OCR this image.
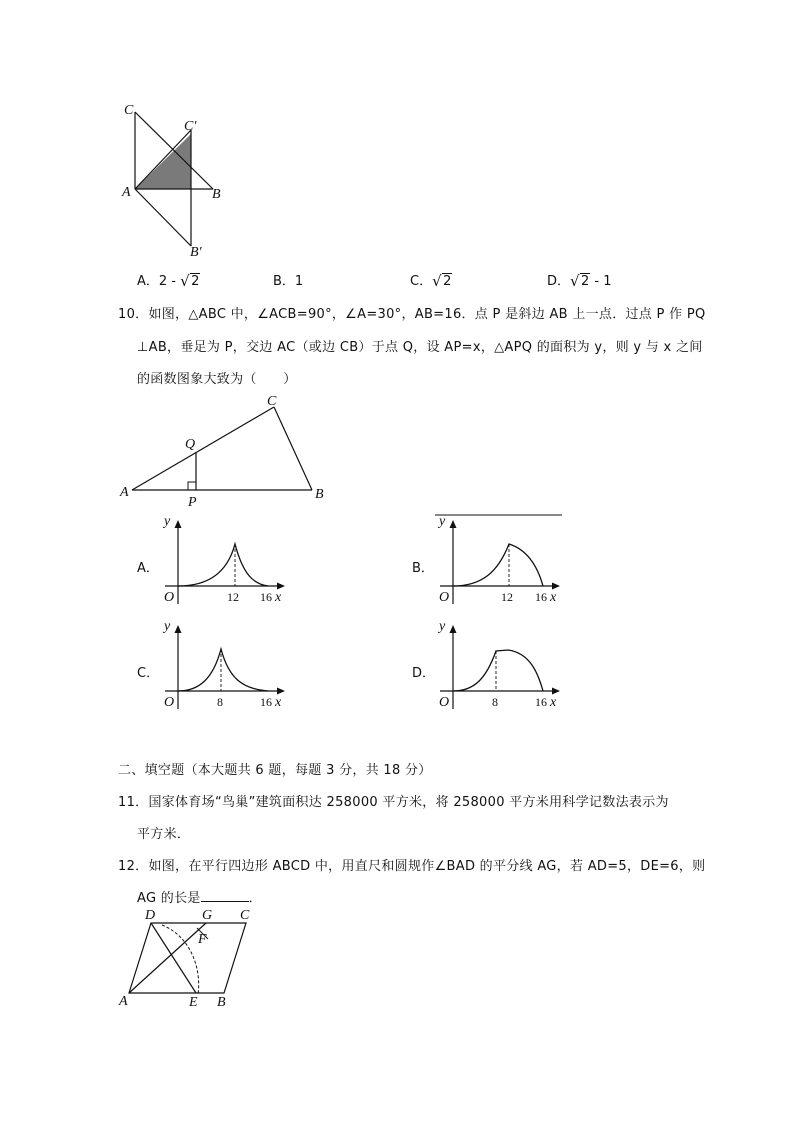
C
C′
A	B
B′
A．2 - √ 2	B．1	C． √ 2	D． √ 2 - 1
10．如图，△ABC 中，∠ACB=90°，∠A=30°，AB=16．点 P 是斜边 AB 上一点．过点 P 作 PQ
⊥AB，垂足为 P，交边 AC（或边 CB）于点 Q，设 AP=x，△APQ 的面积为 y，则 y 与 x 之间
的函数图象大致为（　　）
A	B
C
P
Q
A．	B．
C．	D．
y
x
O	12 16
y
x
O	12 16
y
x
O	8	16
y
x
O	8	16
二、填空题（本大题共 6 题，每题 3 分，共 18 分）
11．国家体育场“鸟巢”建筑面积达 258000 平方米，将 258000 平方米用科学记数法表示为
平方米．
12．如图，在平行四边形 ABCD 中，用直尺和圆规作∠BAD 的平分线 AG，若 AD=5，DE=6，则
AG 的长是	．
A	B
C
D
E
F
G
